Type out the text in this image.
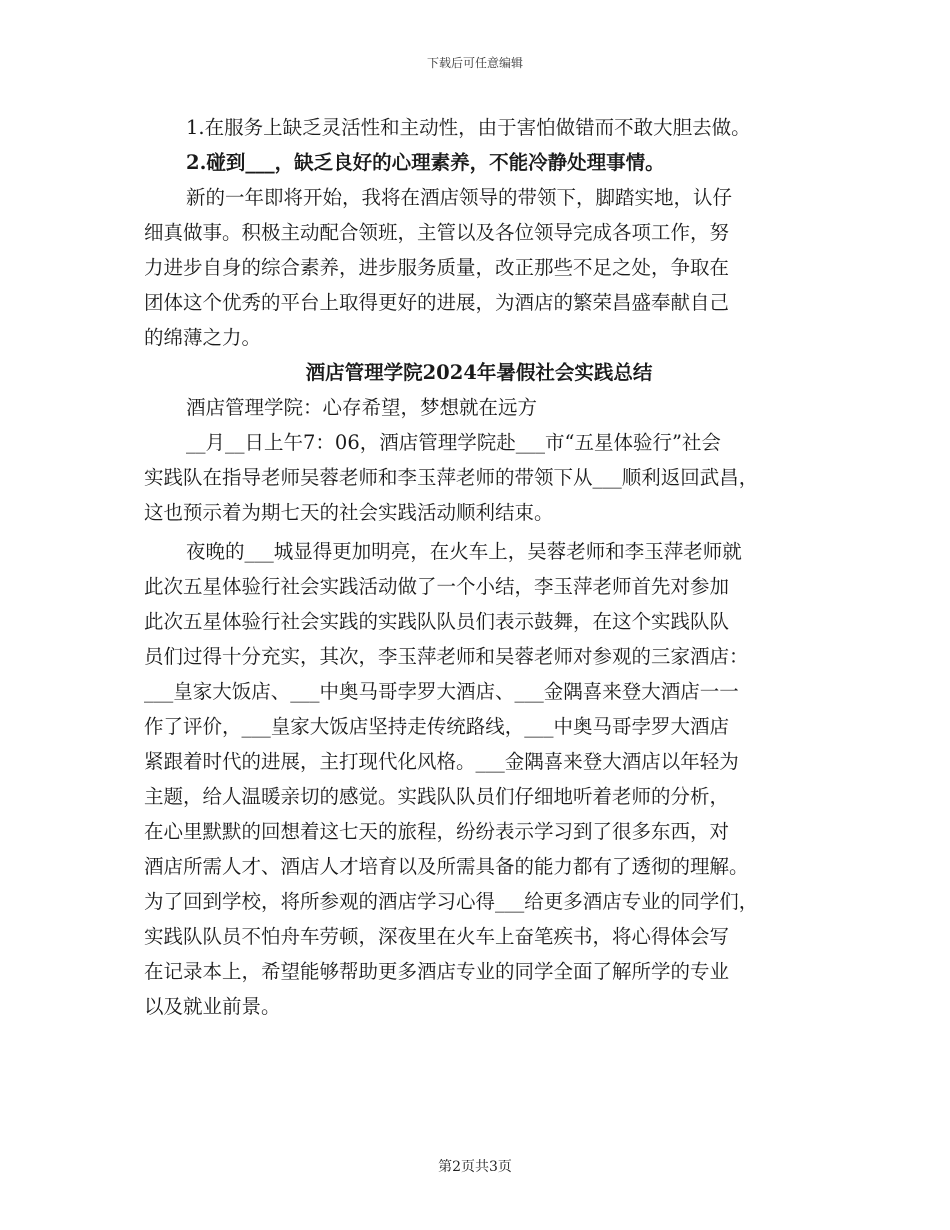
下载后可任意编辑
1.在服务上缺乏灵活性和主动性，由于害怕做错而不敢大胆去做。
2.碰到___，缺乏良好的心理素养，不能冷静处理事情。
新的一年即将开始，我将在酒店领导的带领下，脚踏实地，认仔
细真做事。积极主动配合领班，主管以及各位领导完成各项工作，努
力进步自身的综合素养，进步服务质量，改正那些不足之处，争取在
团体这个优秀的平台上取得更好的进展，为酒店的繁荣昌盛奉献自己
的绵薄之力。
酒店管理学院2024年暑假社会实践总结
酒店管理学院：心存希望，梦想就在远方
__月__日上午7：06，酒店管理学院赴___市“五星体验行”社会
实践队在指导老师吴蓉老师和李玉萍老师的带领下从___顺利返回武昌，
这也预示着为期七天的社会实践活动顺利结束。
夜晚的___城显得更加明亮，在火车上，吴蓉老师和李玉萍老师就
此次五星体验行社会实践活动做了一个小结，李玉萍老师首先对参加
此次五星体验行社会实践的实践队队员们表示鼓舞，在这个实践队队
员们过得十分充实，其次，李玉萍老师和吴蓉老师对参观的三家酒店：
___皇家大饭店、___中奥马哥孛罗大酒店、___金隅喜来登大酒店一一
作了评价，___皇家大饭店坚持走传统路线，___中奥马哥孛罗大酒店
紧跟着时代的进展，主打现代化风格。___金隅喜来登大酒店以年轻为
主题，给人温暖亲切的感觉。实践队队员们仔细地听着老师的分析，
在心里默默的回想着这七天的旅程，纷纷表示学习到了很多东西，对
酒店所需人才、酒店人才培育以及所需具备的能力都有了透彻的理解。
为了回到学校，将所参观的酒店学习心得___给更多酒店专业的同学们，
实践队队员不怕舟车劳顿，深夜里在火车上奋笔疾书，将心得体会写
在记录本上，希望能够帮助更多酒店专业的同学全面了解所学的专业
以及就业前景。
第2页共3页
